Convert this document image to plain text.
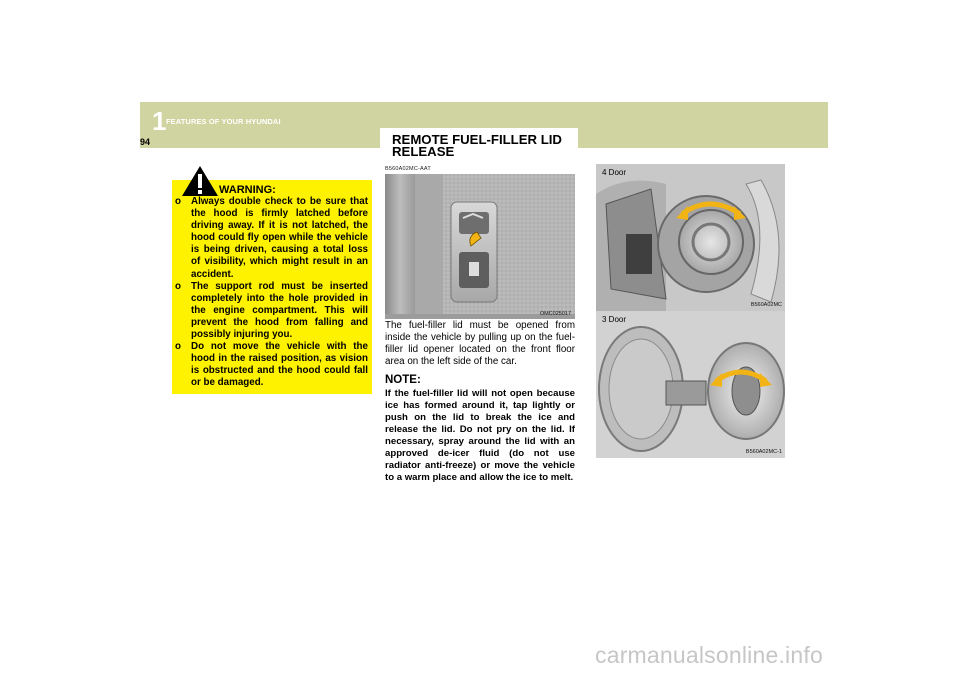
1 FEATURES OF YOUR HYUNDAI
94	REMOTE FUEL-FILLER LID
RELEASE
WARNING:
o Always double check to be sure that the hood is firmly latched before driving away. If it is not latched, the hood could fly open while the vehicle is being driven, causing a total loss of visibility, which might result in an accident.
o The support rod must be inserted completely into the hole provided in the engine compartment. This will prevent the hood from falling and possibly injuring you.
o Do not move the vehicle with the hood in the raised position, as vision is obstructed and the hood could fall or be damaged.
B560A02MC-AAT
OMC025017
The fuel-filler lid must be opened from inside the vehicle by pulling up on the fuel-filler lid opener located on the front floor area on the left side of the car.
NOTE:
If the fuel-filler lid will not open because ice has formed around it, tap lightly or push on the lid to break the ice and release the lid. Do not pry on the lid. If necessary, spray around the lid with an approved de-icer fluid (do not use radiator anti-freeze) or move the vehicle to a warm place and allow the ice to melt.
4 Door
B560A02MC
3 Door
B560A02MC-1
carmanualsonline.info
